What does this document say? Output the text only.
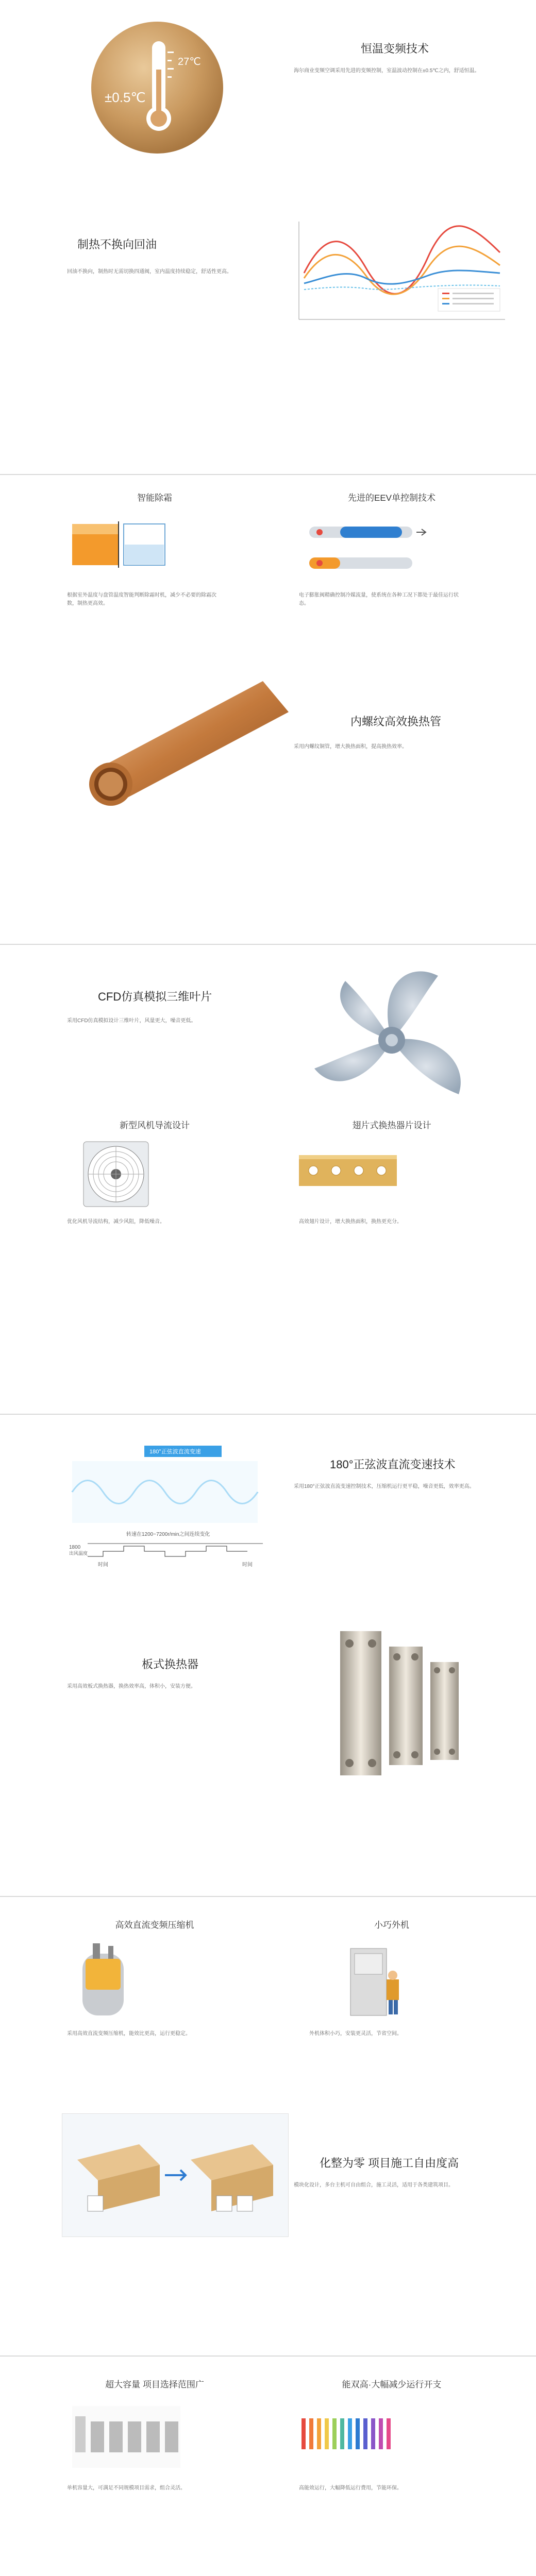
27℃
±0.5℃
恒温变频技术
海尔商业变频空调采用先进的变频控制，室温波动控制在±0.5℃之内，舒适恒温。
制热不换向回油
回油不换向，制热时无需切换四通阀，室内温度持续稳定，舒适性更高。
智能除霜
根据室外温度与盘管温度智能判断除霜时机，减少不必要的除霜次数，制热更高效。
先进的EEV单控制技术
电子膨胀阀精确控制冷媒流量，使系统在各种工况下都处于最佳运行状态。
内螺纹高效换热管
采用内螺纹铜管，增大换热面积，提高换热效率。
CFD仿真模拟三维叶片
采用CFD仿真模拟设计三维叶片，风量更大，噪音更低。
新型风机导流设计
优化风机导流结构，减少风阻，降低噪音。
翅片式换热器片设计
高效翅片设计，增大换热面积，换热更充分。
180°正弦波直流变速
转速在1200~7200r/min之间连续变化
1800
出风温度
时间	时间
180°正弦波直流变速技术
采用180°正弦波直流变速控制技术，压缩机运行更平稳，噪音更低，效率更高。
板式换热器
采用高效板式换热器，换热效率高，体积小，安装方便。
高效直流变频压缩机
采用高效直流变频压缩机，能效比更高，运行更稳定。
小巧外机
外机体积小巧，安装更灵活，节省空间。
化整为零 项目施工自由度高
模块化设计，多台主机可自由组合，施工灵活，适用于各类建筑项目。
超大容量 项目选择范围广
单机容量大，可满足不同规模项目需求，组合灵活。
能双高·大幅减少运行开支
高能效运行，大幅降低运行费用，节能环保。
